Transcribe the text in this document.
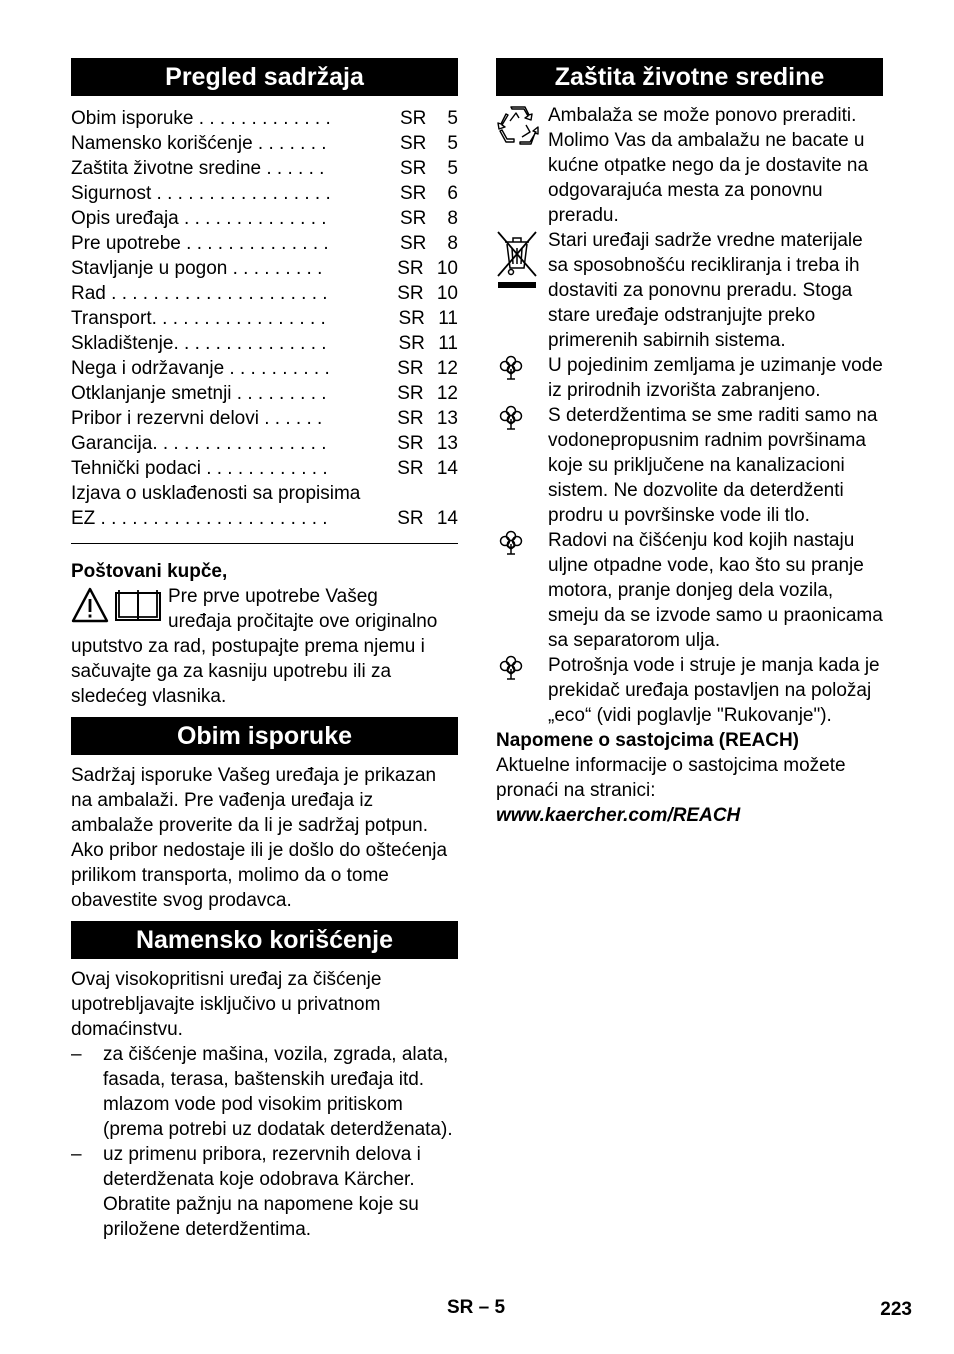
Pregled sadržaja
Obim isporuke . . . . . . . . . . . . .	SR	5
Namensko korišćenje . . . . . . .	SR	5
Zaštita životne sredine . . . . . .	SR	5
Sigurnost . . . . . . . . . . . . . . . . .	SR	6
Opis uređaja . . . . . . . . . . . . . .	SR	8
Pre upotrebe . . . . . . . . . . . . . .	SR	8
Stavljanje u pogon . . . . . . . . .	SR 10
Rad . . . . . . . . . . . . . . . . . . . . .	SR 10
Transport. . . . . . . . . . . . . . . . .	SR 11
Skladištenje. . . . . . . . . . . . . . .	SR 11
Nega i održavanje . . . . . . . . . .	SR 12
Otklanjanje smetnji . . . . . . . . .	SR 12
Pribor i rezervni delovi . . . . . .	SR 13
Garancija. . . . . . . . . . . . . . . . .	SR 13
Tehnički podaci . . . . . . . . . . . .	SR 14
Izjava o usklađenosti sa propisima
EZ . . . . . . . . . . . . . . . . . . . . . .	SR 14
Poštovani kupče,
Pre prve upotrebe Vašeg
uređaja pročitajte ove originalno
uputstvo za rad, postupajte prema njemu i sačuvajte ga za kasniju upotrebu ili za sledećeg vlasnika.
Obim isporuke
Sadržaj isporuke Vašeg uređaja je prikazan na ambalaži. Pre vađenja uređaja iz ambalaže proverite da li je sadržaj potpun.
Ako pribor nedostaje ili je došlo do oštećenja prilikom transporta, molimo da o tome obavestite svog prodavca.
Namensko korišćenje
Ovaj visokopritisni uređaj za čišćenje upotrebljavajte isključivo u privatnom domaćinstvu.
– za čišćenje mašina, vozila, zgrada, alata, fasada, terasa, baštenskih uređaja itd. mlazom vode pod visokim pritiskom (prema potrebi uz dodatak deterdženata).
– uz primenu pribora, rezervnih delova i deterdženata koje odobrava Kärcher. Obratite pažnju na napomene koje su priložene deterdžentima.
Zaštita životne sredine
Ambalaža se može ponovo preraditi. Molimo Vas da ambalažu ne bacate u kućne otpatke nego da je dostavite na odgovarajuća mesta za ponovnu preradu.
Stari uređaji sadrže vredne materijale sa sposobnošću recikliranja i treba ih dostaviti za ponovnu preradu. Stoga stare uređaje odstranjujte preko primerenih sabirnih sistema.
U pojedinim zemljama je uzimanje vode iz prirodnih izvorišta zabranjeno.
S deterdžentima se sme raditi samo na vodonepropusnim radnim površinama koje su priključene na kanalizacioni sistem. Ne dozvolite da deterdženti prodru u površinske vode ili tlo.
Radovi na čišćenju kod kojih nastaju uljne otpadne vode, kao što su pranje motora, pranje donjeg dela vozila, smeju da se izvode samo u praonicama sa separatorom ulja.
Potrošnja vode i struje je manja kada je prekidač uređaja postavljen na položaj „eco“ (vidi poglavlje "Rukovanje").
Napomene o sastojcima (REACH)
Aktuelne informacije o sastojcima možete pronaći na stranici:
www.kaercher.com/REACH
SR – 5	223
